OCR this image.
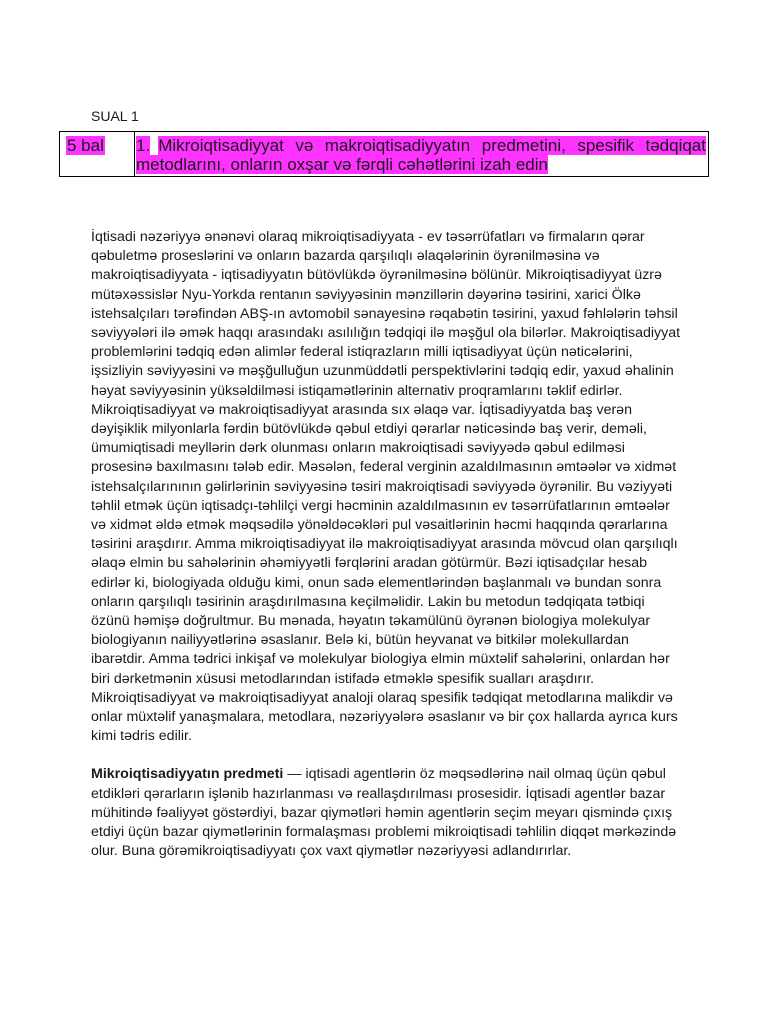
SUAL 1
5 bal 1. Mikroiqtisadiyyat və makroiqtisadiyyatın predmetini, spesifik tədqiqat metodlarını, onların oxşar və fərqli cəhətlərini izah edin

İqtisadi nəzəriyyə ənənəvi olaraq mikroiqtisadiyyata - ev təsərrüfatları və firmaların qərar qəbuletmə proseslərini və onların bazarda qarşılıqlı əlaqələrinin öyrənilməsinə və makroiqtisadiyyata - iqtisadiyyatın bütövlükdə öyrənilməsinə bölünür. Mikroiqtisadiyyat üzrə mütəxəssislər Nyu-Yorkda rentanın səviyyəsinin mənzillərin dəyərinə təsirini, xarici Ölkə istehsalçıları tərəfindən ABŞ-ın avtomobil sənayesinə rəqabətin təsirini, yaxud fəhlələrin təhsil səviyyələri ilə əmək haqqı arasındakı asılılığın tədqiqi ilə məşğul ola bilərlər. Makroiqtisadiyyat problemlərini tədqiq edən alimlər federal istiqrazların milli iqtisadiyyat üçün nəticələrini, işsizliyin səviyyəsini və məşğulluğun uzunmüddətli perspektivlərini tədqiq edir, yaxud əhalinin həyat səviyyəsinin yüksəldilməsi istiqamətlərinin alternativ proqramlarını təklif edirlər. Mikroiqtisadiyyat və makroiqtisadiyyat arasında sıx əlaqə var. İqtisadiyyatda baş verən dəyişiklik milyonlarla fərdin bütövlükdə qəbul etdiyi qərarlar nəticəsində baş verir, deməli, ümumiqtisadi meyllərin dərk olunması onların makroiqtisadi səviyyədə qəbul edilməsi prosesinə baxılmasını tələb edir. Məsələn, federal verginin azaldılmasının əmtəələr və xidmət istehsalçılarınının gəlirlərinin səviyyəsinə təsiri makroiqtisadi səviyyədə öyrənilir. Bu vəziyyəti təhlil etmək üçün iqtisadçı-təhlilçi vergi həcminin azaldılmasının ev təsərrüfatlarının əmtəələr və xidmət əldə etmək məqsədilə yönəldəcəkləri pul vəsaitlərinin həcmi haqqında qərarlarına təsirini araşdırır. Amma mikroiqtisadiyyat ilə makroiqtisadiyyat arasında mövcud olan qarşılıqlı əlaqə elmin bu sahələrinin əhəmiyyətli fərqlərini aradan götürmür. Bəzi iqtisadçılar hesab edirlər ki, biologiyada olduğu kimi, onun sadə elementlərindən başlanmalı və bundan sonra onların qarşılıqlı təsirinin araşdırılmasına keçilməlidir. Lakin bu metodun tədqiqata tətbiqi özünü həmişə doğrultmur. Bu mənada, həyatın təkamülünü öyrənən biologiya molekulyar biologiyanın nailiyyətlərinə əsaslanır. Belə ki, bütün heyvanat və bitkilər molekullardan ibarətdir. Amma tədrici inkişaf və molekulyar biologiya elmin müxtəlif sahələrini, onlardan hər biri dərketmənin xüsusi metodlarından istifadə etməklə spesifik sualları araşdırır. Mikroiqtisadiyyat və makroiqtisadiyyat analoji olaraq spesifik tədqiqat metodlarına malikdir və onlar müxtəlif yanaşmalara, metodlara, nəzəriyyələrə əsaslanır və bir çox hallarda ayrıca kurs kimi tədris edilir.

Mikroiqtisadiyyatın predmeti — iqtisadi agentlərin öz məqsədlərinə nail olmaq üçün qəbul etdikləri qərarların işlənib hazırlanması və reallaşdırılması prosesidir. İqtisadi agentlər bazar mühitində fəaliyyət göstərdiyi, bazar qiymətləri həmin agentlərin seçim meyarı qismində çıxış etdiyi üçün bazar qiymətlərinin formalaşması problemi mikroiqtisadi təhlilin diqqət mərkəzində olur. Buna görəmikroiqtisadiyyatı çox vaxt qiymətlər nəzəriyyəsi adlandırırlar.
